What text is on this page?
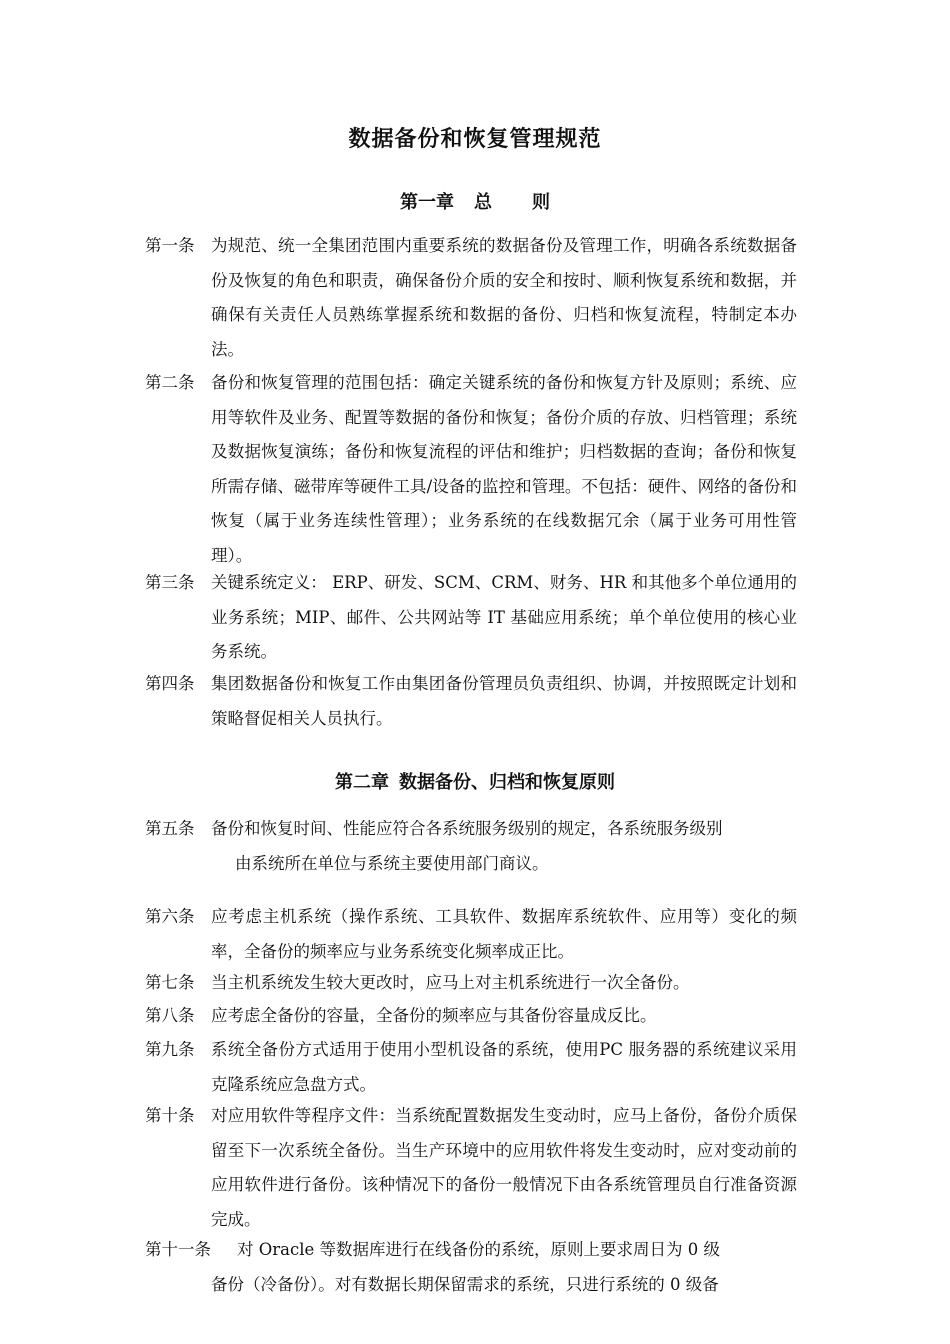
数据备份和恢复管理规范
第一章 总 则
第一条 为规范、统一全集团范围内重要系统的数据备份及管理工作，明确各系统数据备份及恢复的角色和职责，确保备份介质的安全和按时、顺利恢复系统和数据，并确保有关责任人员熟练掌握系统和数据的备份、归档和恢复流程，特制定本办法。
第二条 备份和恢复管理的范围包括：确定关键系统的备份和恢复方针及原则；系统、应用等软件及业务、配置等数据的备份和恢复；备份介质的存放、归档管理；系统及数据恢复演练；备份和恢复流程的评估和维护；归档数据的查询；备份和恢复所需存储、磁带库等硬件工具/设备的监控和管理。不包括：硬件、网络的备份和恢复（属于业务连续性管理）；业务系统的在线数据冗余（属于业务可用性管理）。
第三条 关键系统定义： ERP、研发、SCM、CRM、财务、HR 和其他多个单位通用的业务系统；MIP、邮件、公共网站等 IT 基础应用系统；单个单位使用的核心业务系统。
第四条 集团数据备份和恢复工作由集团备份管理员负责组织、协调，并按照既定计划和策略督促相关人员执行。
第二章 数据备份、归档和恢复原则
第五条 备份和恢复时间、性能应符合各系统服务级别的规定，各系统服务级别
由系统所在单位与系统主要使用部门商议。
第六条 应考虑主机系统（操作系统、工具软件、数据库系统软件、应用等）变化的频率，全备份的频率应与业务系统变化频率成正比。
第七条 当主机系统发生较大更改时，应马上对主机系统进行一次全备份。
第八条 应考虑全备份的容量，全备份的频率应与其备份容量成反比。
第九条 系统全备份方式适用于使用小型机设备的系统，使用PC 服务器的系统建议采用克隆系统应急盘方式。
第十条 对应用软件等程序文件：当系统配置数据发生变动时，应马上备份，备份介质保留至下一次系统全备份。当生产环境中的应用软件将发生变动时，应对变动前的应用软件进行备份。该种情况下的备份一般情况下由各系统管理员自行准备资源完成。
第十一条 对 Oracle 等数据库进行在线备份的系统，原则上要求周日为 0 级
备份（冷备份）。对有数据长期保留需求的系统，只进行系统的 0 级备
